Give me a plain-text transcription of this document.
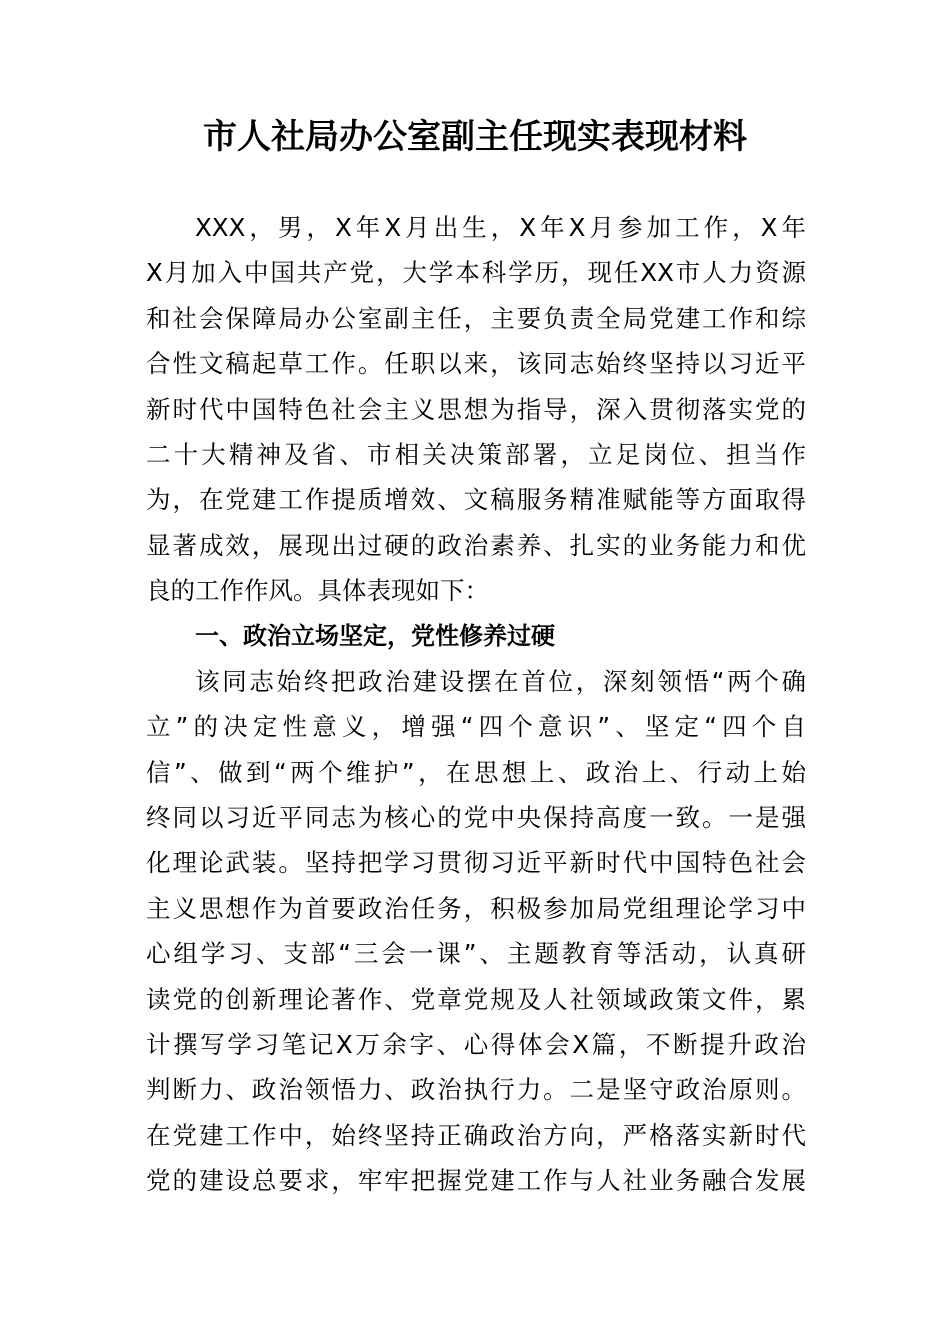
市人社局办公室副主任现实表现材料
XXX，男，X年X月出生，X年X月参加工作，X年
X月加入中国共产党，大学本科学历，现任XX市人力资源
和社会保障局办公室副主任，主要负责全局党建工作和综
合性文稿起草工作。任职以来，该同志始终坚持以习近平
新时代中国特色社会主义思想为指导，深入贯彻落实党的
二十大精神及省、市相关决策部署，立足岗位、担当作
为，在党建工作提质增效、文稿服务精准赋能等方面取得
显著成效，展现出过硬的政治素养、扎实的业务能力和优
良的工作作风。具体表现如下：
一、政治立场坚定，党性修养过硬
该同志始终把政治建设摆在首位，深刻领悟“两个确
立”的决定性意义，增强“四个意识”、坚定“四个自
信”、做到“两个维护”，在思想上、政治上、行动上始
终同以习近平同志为核心的党中央保持高度一致。一是强
化理论武装。坚持把学习贯彻习近平新时代中国特色社会
主义思想作为首要政治任务，积极参加局党组理论学习中
心组学习、支部“三会一课”、主题教育等活动，认真研
读党的创新理论著作、党章党规及人社领域政策文件，累
计撰写学习笔记X万余字、心得体会X篇，不断提升政治
判断力、政治领悟力、政治执行力。二是坚守政治原则。
在党建工作中，始终坚持正确政治方向，严格落实新时代
党的建设总要求，牢牢把握党建工作与人社业务融合发展
